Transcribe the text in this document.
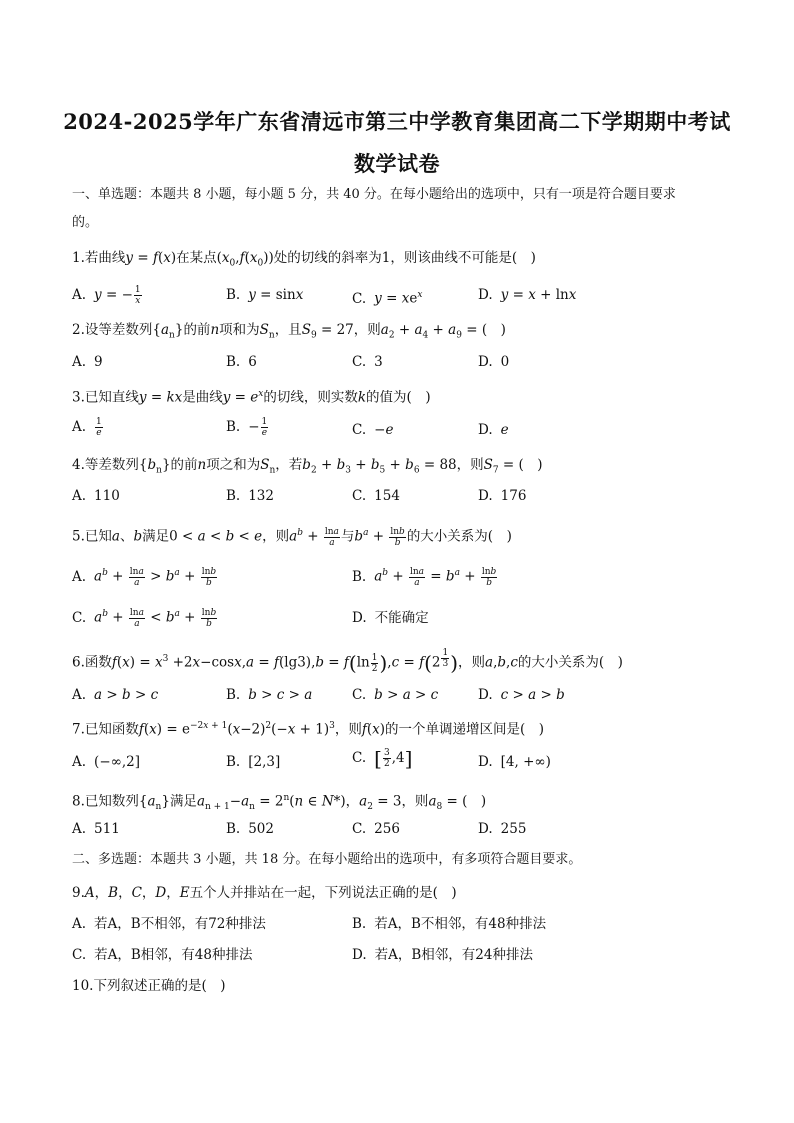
2024-2025学年广东省清远市第三中学教育集团高二下学期期中考试
数学试卷
一、单选题：本题共 8 小题，每小题 5 分，共 40 分。在每小题给出的选项中，只有一项是符合题目要求
的。
1.若曲线y = f(x)在某点$(x_0,f(x_0))$处的切线的斜率为1，则该曲线不可能是(　)
A. y = − $\frac{1}{x}$	B. y = sinx	C. $y = xe^x$	D. y = x + lnx
2.设等差数列$\{a_n\}$的前n项和为$S_n$，且$S_9 = 27$，则$a_2 + a_4 + a_9$ = (　)
A. 9	B. 6	C. 3	D. 0
3.已知直线y = kx是曲线$y = e^x$的切线，则实数k的值为(　)
A. $\frac{1}{e}$	B. − $\frac{1}{e}$	C. −e	D. e
4.等差数列$\{b_n\}$的前n项之和为$S_n$，若$b_2 + b_3 + b_5 + b_6 = 88$，则$S_7$ = (　)
A. 110	B. 132	C. 154	D. 176
5.已知a、b满足0 < a < b < e，则$a^b + \frac{\ln a}{a}$ 与$b^a + \frac{\ln b}{b}$ 的大小关系为(　)
A. $a^b + \frac{\ln a}{a} > b^a + \frac{\ln b}{b}$	B. $a^b + \frac{\ln a}{a} = b^a + \frac{\ln b}{b}$
C. $a^b + \frac{\ln a}{a} < b^a + \frac{\ln b}{b}$	D. 不能确定
6.函数$f(x) = x^3 +2x-\cos x,a = f(\lg 3),b = f(\ln \frac{1}{2} ),c = f(2$ $^{\frac{1}{3}}$ )，则a,b,c的大小关系为(　)
A. a > b > c	B. b > c > a	C. b > a > c	D. c > a > b
7.已知函数$f(x) = e^{-2x + 1}(x-2)^2(-x + 1)^3$，则f(x)的一个单调递增区间是(　)
A. (−∞,2]	B. [2,3]	C. [ $\frac{3}{2} ,4$]	D. [4, +∞)
8.已知数列$\{a_n\}$满足$a_{n + 1}-a_n = 2^n(n$ ∈ N*)，$a_2 = 3$，则$a_8$ = (　)
A. 511	B. 502	C. 256	D. 255
二、多选题：本题共 3 小题，共 18 分。在每小题给出的选项中，有多项符合题目要求。
9.A，B，C，D，E五个人并排站在一起，下列说法正确的是(　)
A. 若A，B不相邻，有72种排法	B. 若A，B不相邻，有48种排法
C. 若A，B相邻，有48种排法	D. 若A，B相邻，有24种排法
10.下列叙述正确的是(　)
